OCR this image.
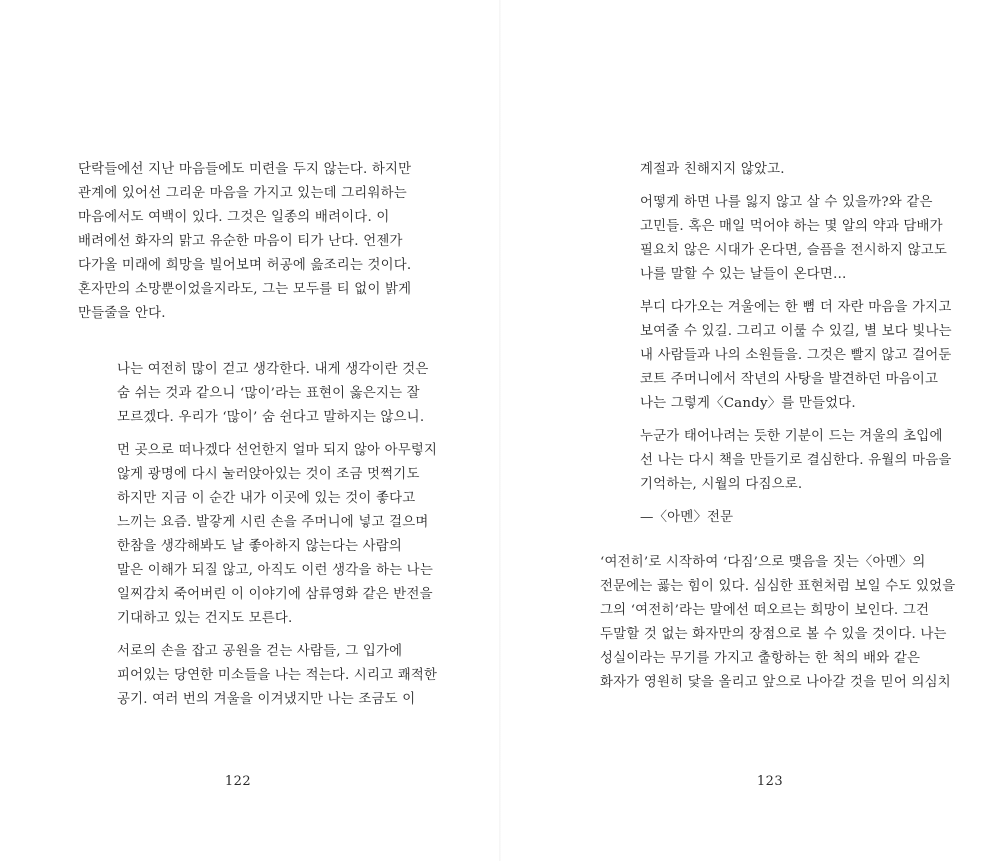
단락들에선 지난 마음들에도 미련을 두지 않는다. 하지만
관계에 있어선 그리운 마음을 가지고 있는데 그리워하는
마음에서도 여백이 있다. 그것은 일종의 배려이다. 이
배려에선 화자의 맑고 유순한 마음이 티가 난다. 언젠가
다가올 미래에 희망을 빌어보며 허공에 읊조리는 것이다.
혼자만의 소망뿐이었을지라도, 그는 모두를 티 없이 밝게
만들줄을 안다.
나는 여전히 많이 걷고 생각한다. 내게 생각이란 것은
숨 쉬는 것과 같으니 ‘많이’라는 표현이 옳은지는 잘
모르겠다. 우리가 ‘많이’ 숨 쉰다고 말하지는 않으니.
먼 곳으로 떠나겠다 선언한지 얼마 되지 않아 아무렇지
않게 광명에 다시 눌러앉아있는 것이 조금 멋쩍기도
하지만 지금 이 순간 내가 이곳에 있는 것이 좋다고
느끼는 요즘. 발갛게 시린 손을 주머니에 넣고 걸으며
한참을 생각해봐도 날 좋아하지 않는다는 사람의
말은 이해가 되질 않고, 아직도 이런 생각을 하는 나는
일찌감치 죽어버린 이 이야기에 삼류영화 같은 반전을
기대하고 있는 건지도 모른다.
서로의 손을 잡고 공원을 걷는 사람들, 그 입가에
피어있는 당연한 미소들을 나는 적는다. 시리고 쾌적한
공기. 여러 번의 겨울을 이겨냈지만 나는 조금도 이
122
계절과 친해지지 않았고.
어떻게 하면 나를 잃지 않고 살 수 있을까?와 같은
고민들. 혹은 매일 먹어야 하는 몇 알의 약과 담배가
필요치 않은 시대가 온다면, 슬픔을 전시하지 않고도
나를 말할 수 있는 날들이 온다면…
부디 다가오는 겨울에는 한 뼘 더 자란 마음을 가지고
보여줄 수 있길. 그리고 이룰 수 있길, 별 보다 빛나는
내 사람들과 나의 소원들을. 그것은 빨지 않고 걸어둔
코트 주머니에서 작년의 사탕을 발견하던 마음이고
나는 그렇게〈Candy〉를 만들었다.
누군가 태어나려는 듯한 기분이 드는 겨울의 초입에
선 나는 다시 책을 만들기로 결심한다. 유월의 마음을
기억하는, 시월의 다짐으로.
—〈아멘〉전문
‘여전히’로 시작하여 ‘다짐’으로 맺음을 짓는〈아멘〉의
전문에는 굟는 힘이 있다. 심심한 표현처럼 보일 수도 있었을
그의 ‘여전히’라는 말에선 떠오르는 희망이 보인다. 그건
두말할 것 없는 화자만의 장점으로 볼 수 있을 것이다. 나는
성실이라는 무기를 가지고 출항하는 한 척의 배와 같은
화자가 영원히 닻을 올리고 앞으로 나아갈 것을 믿어 의심치
123
